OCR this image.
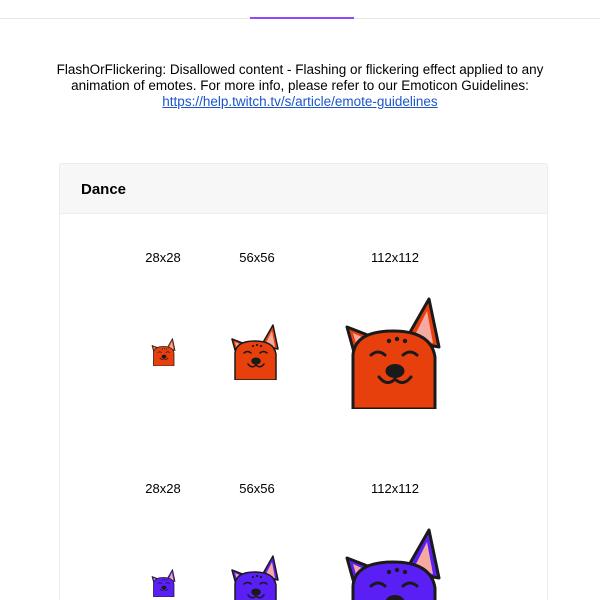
FlashOrFlickering: Disallowed content - Flashing or flickering effect applied to any animation of emotes. For more info, please refer to our Emoticon Guidelines:
https://help.twitch.tv/s/article/emote-guidelines
Dance
28x28	56x56	112x112
28x28	56x56	112x112
